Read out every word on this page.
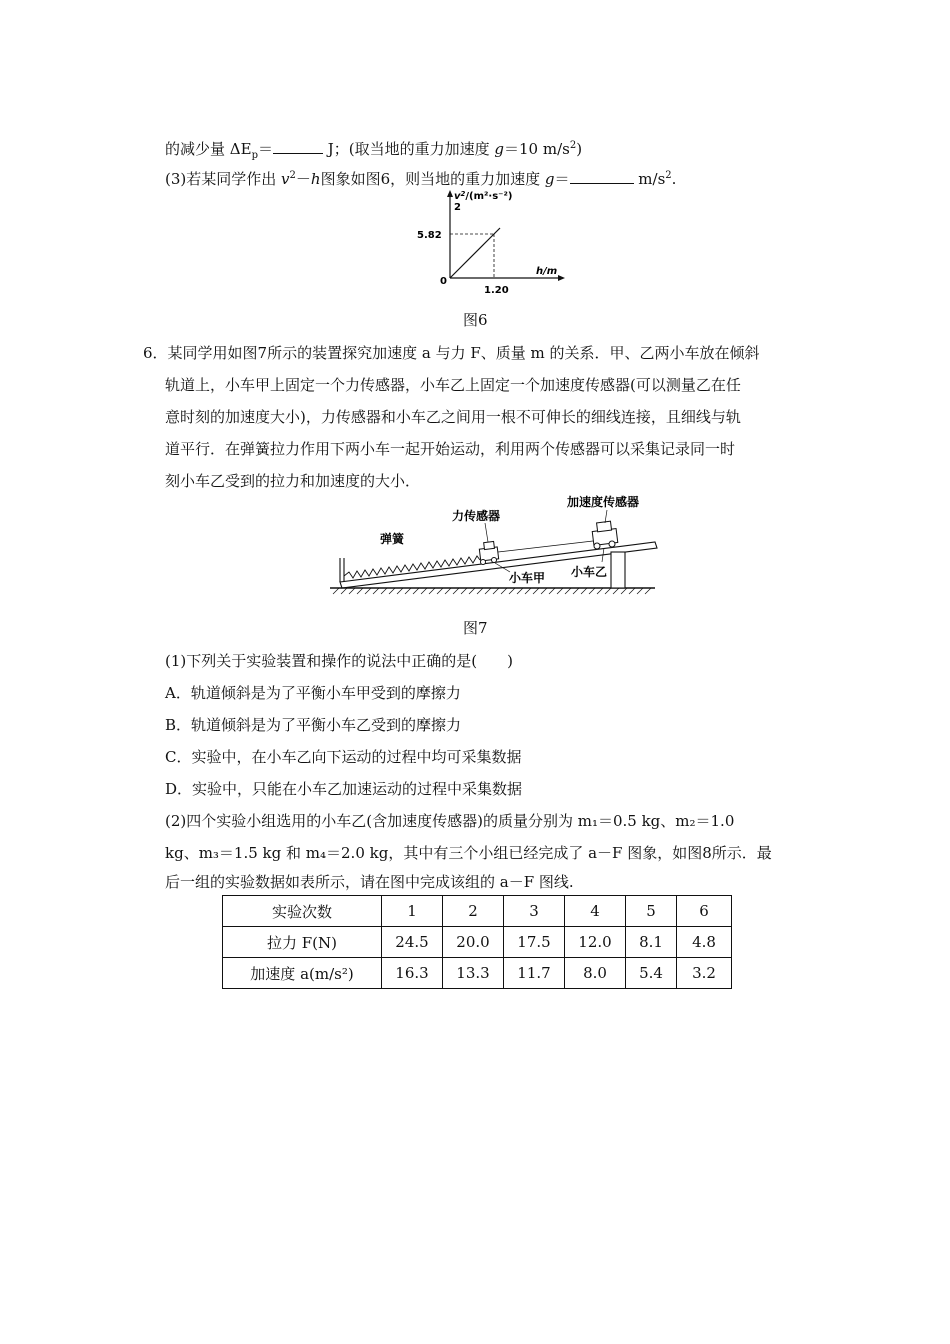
的减少量 $\Delta E_p=$	J；(取当地的重力加速度 g＝10 $m/s^2$)
(3)若某同学作出 $v^2-h$图象如图6，则当地的重力加速度 g＝	$m/s^2$.
$v^2/(m^2\cdot s^{-2})$
2
5.82
0
1.20
h/m
图6
6．某同学用如图7所示的装置探究加速度 a 与力 F、质量 m 的关系．甲、乙两小车放在倾斜
轨道上，小车甲上固定一个力传感器，小车乙上固定一个加速度传感器(可以测量乙在任
意时刻的加速度大小)，力传感器和小车乙之间用一根不可伸长的细线连接，且细线与轨
道平行．在弹簧拉力作用下两小车一起开始运动，利用两个传感器可以采集记录同一时
刻小车乙受到的拉力和加速度的大小．
弹簧
力传感器
加速度传感器
小车甲 小车乙
图7
(1)下列关于实验装置和操作的说法中正确的是(　　)
A．轨道倾斜是为了平衡小车甲受到的摩擦力
B．轨道倾斜是为了平衡小车乙受到的摩擦力
C．实验中，在小车乙向下运动的过程中均可采集数据
D．实验中，只能在小车乙加速运动的过程中采集数据
(2)四个实验小组选用的小车乙(含加速度传感器)的质量分别为 m₁＝0.5 kg、m₂＝1.0
kg、m₃＝1.5 kg 和 m₄＝2.0 kg，其中有三个小组已经完成了 a－F 图象，如图8所示．最
后一组的实验数据如表所示，请在图中完成该组的 a－F 图线.
实验次数	1	2	3	4	5	6
拉力 F(N)	24.5	20.0	17.5	12.0	8.1	4.8
加速度 a(m/s²)	16.3	13.3	11.7	8.0	5.4	3.2
